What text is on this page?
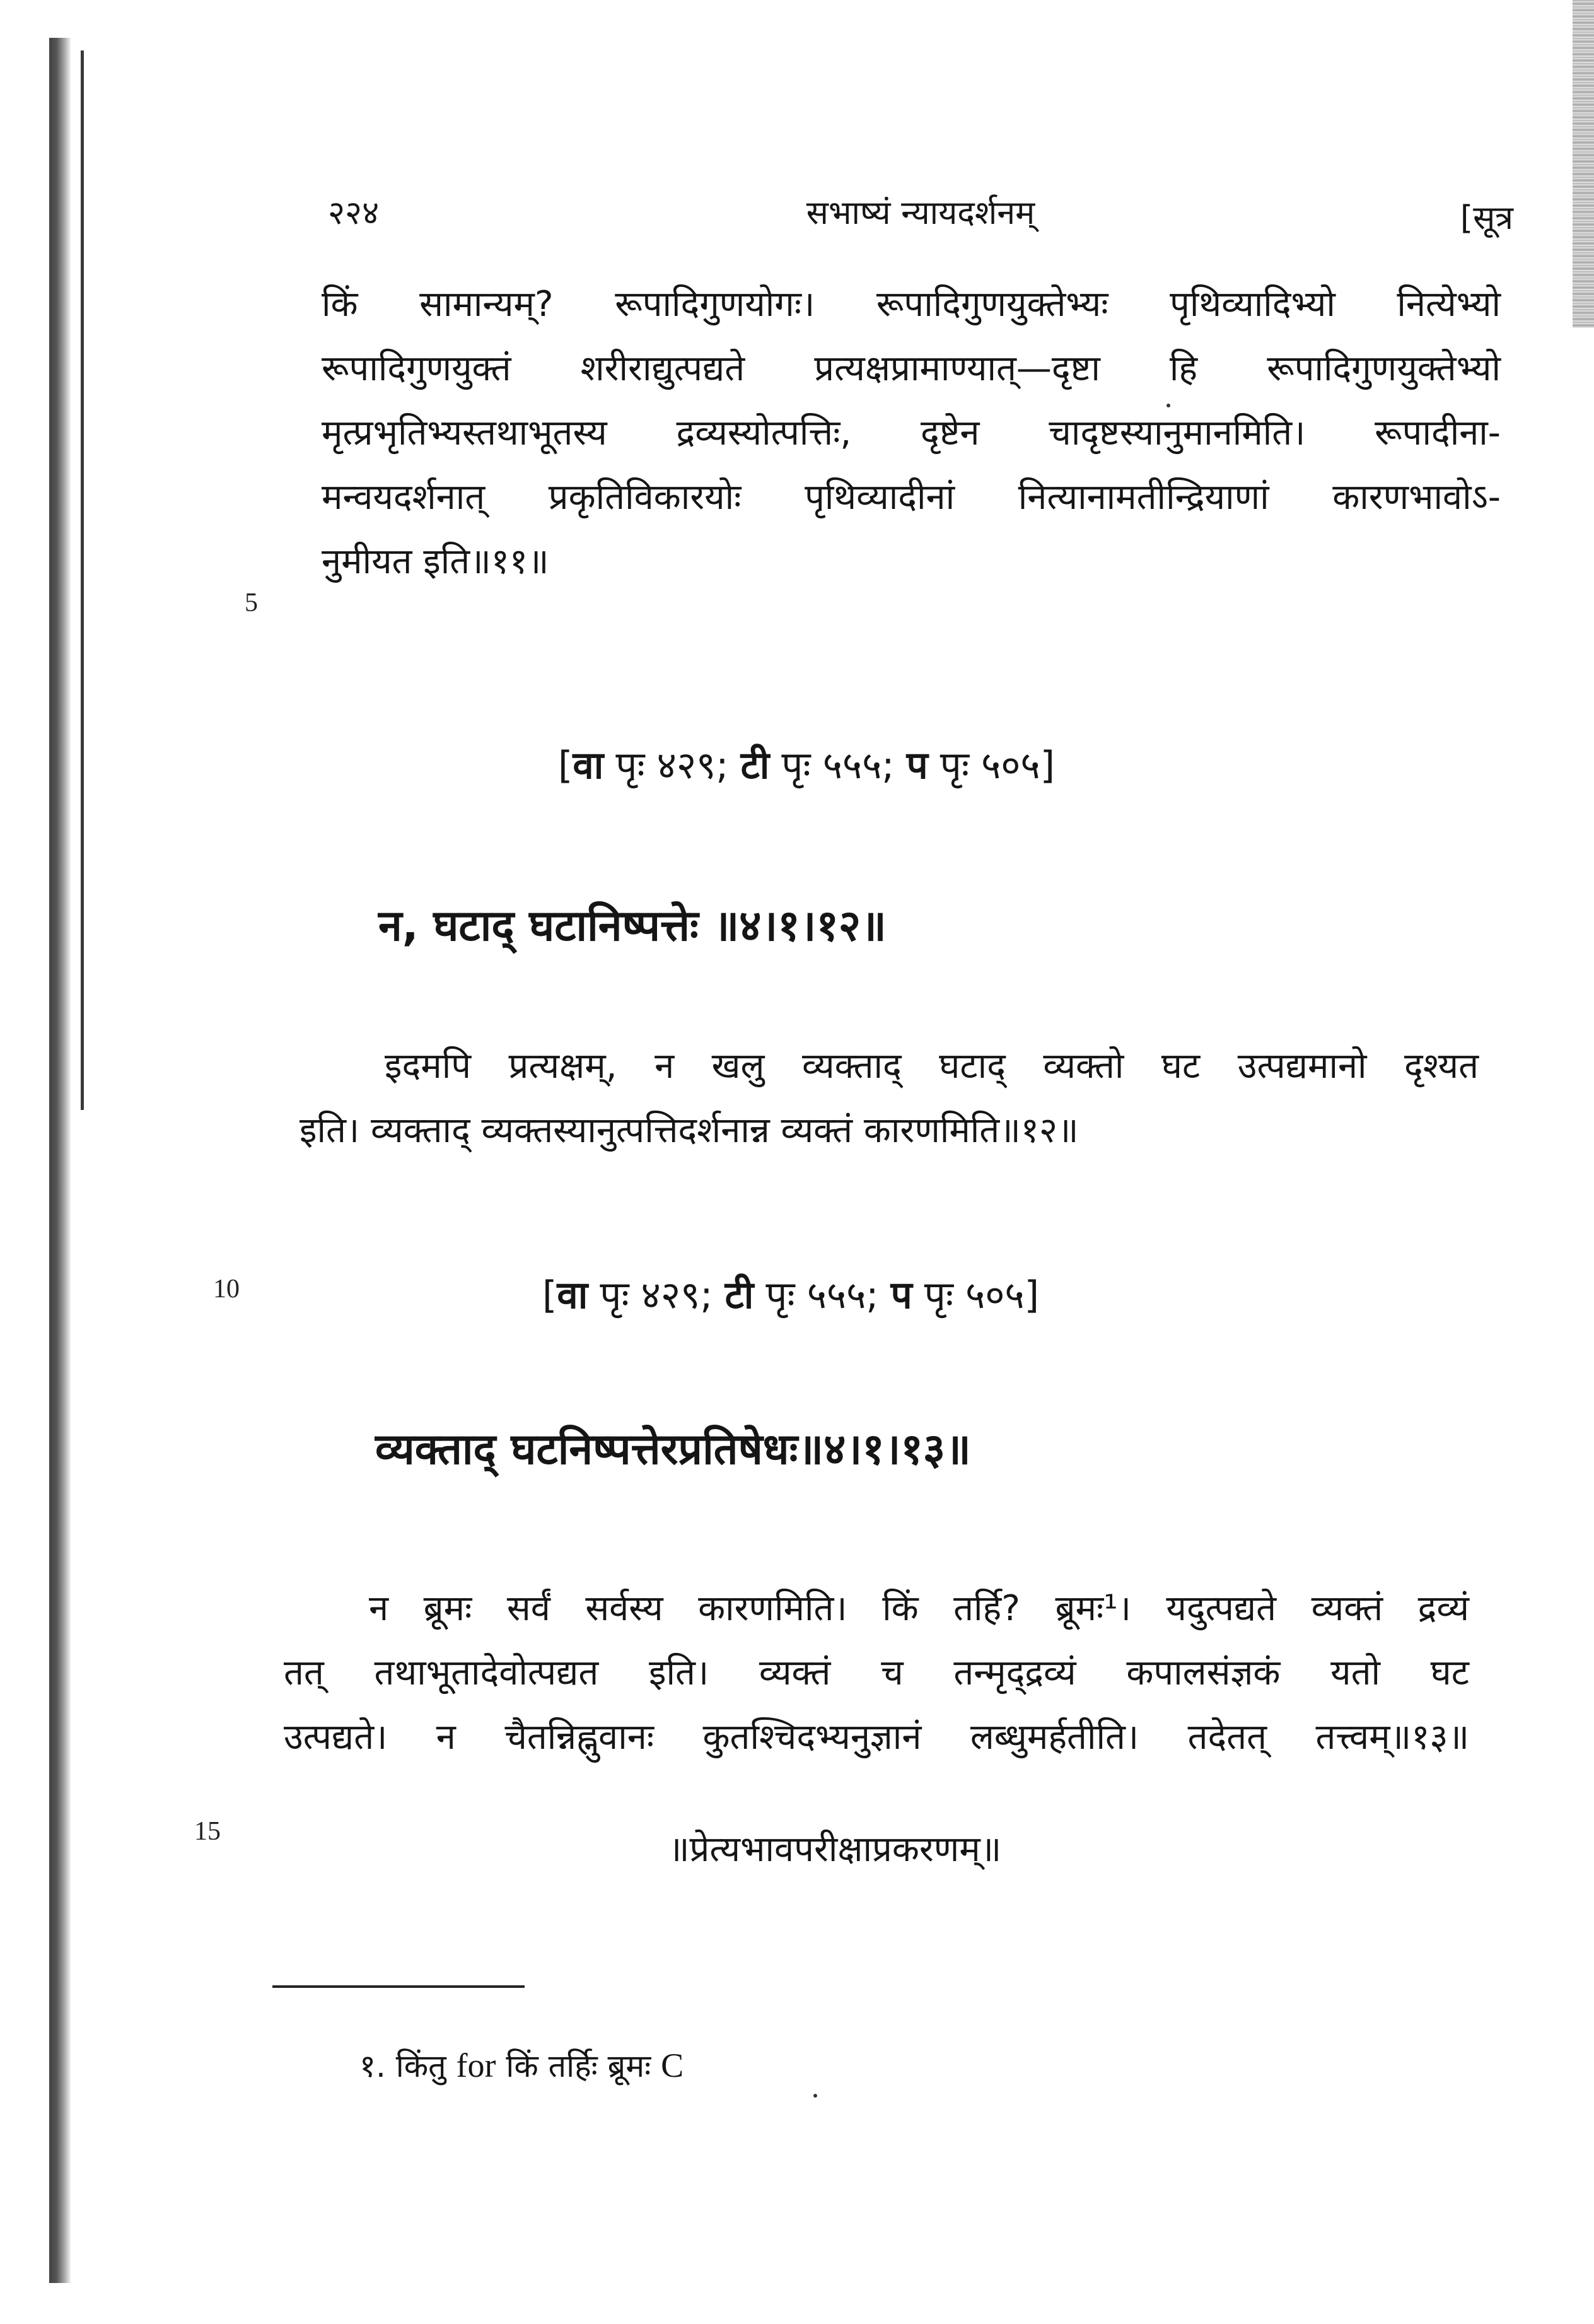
२२४	सभाष्यं न्यायदर्शनम्	[सूत्र
किं सामान्यम्? रूपादिगुणयोगः। रूपादिगुणयुक्तेभ्यः पृथिव्यादिभ्यो नित्येभ्यो
रूपादिगुणयुक्तं शरीराद्युत्पद्यते प्रत्यक्षप्रामाण्यात्—दृष्टा हि रूपादिगुणयुक्तेभ्यो
मृत्प्रभृतिभ्यस्तथाभूतस्य द्रव्यस्योत्पत्तिः, दृष्टेन चादृष्टस्यानुमानमिति। रूपादीना-
मन्वयदर्शनात् प्रकृतिविकारयोः पृथिव्यादीनां नित्यानामतीन्द्रियाणां कारणभावोऽ-
नुमीयत इति॥११॥
[वा पृः ४२९; टी पृः ५५५; प पृः ५०५]
न, घटाद् घटानिष्पत्तेः ॥४।१।१२॥
इदमपि प्रत्यक्षम्, न खलु व्यक्ताद् घटाद् व्यक्तो घट उत्पद्यमानो दृश्यत
इति। व्यक्ताद् व्यक्तस्यानुत्पत्तिदर्शनान्न व्यक्तं कारणमिति॥१२॥
[वा पृः ४२९; टी पृः ५५५; प पृः ५०५]
व्यक्ताद् घटनिष्पत्तेरप्रतिषेधः॥४।१।१३॥
न ब्रूमः सर्वं सर्वस्य कारणमिति। किं तर्हि? ब्रूमः¹। यदुत्पद्यते व्यक्तं द्रव्यं
तत् तथाभूतादेवोत्पद्यत इति। व्यक्तं च तन्मृद्द्रव्यं कपालसंज्ञकं यतो घट
उत्पद्यते। न चैतन्निह्नुवानः कुतश्चिदभ्यनुज्ञानं लब्धुमर्हतीति। तदेतत् तत्त्वम्॥१३॥
॥प्रेत्यभावपरीक्षाप्रकरणम्॥
5
10
15
१. किंतु for किं तर्हिः ब्रूमः C
